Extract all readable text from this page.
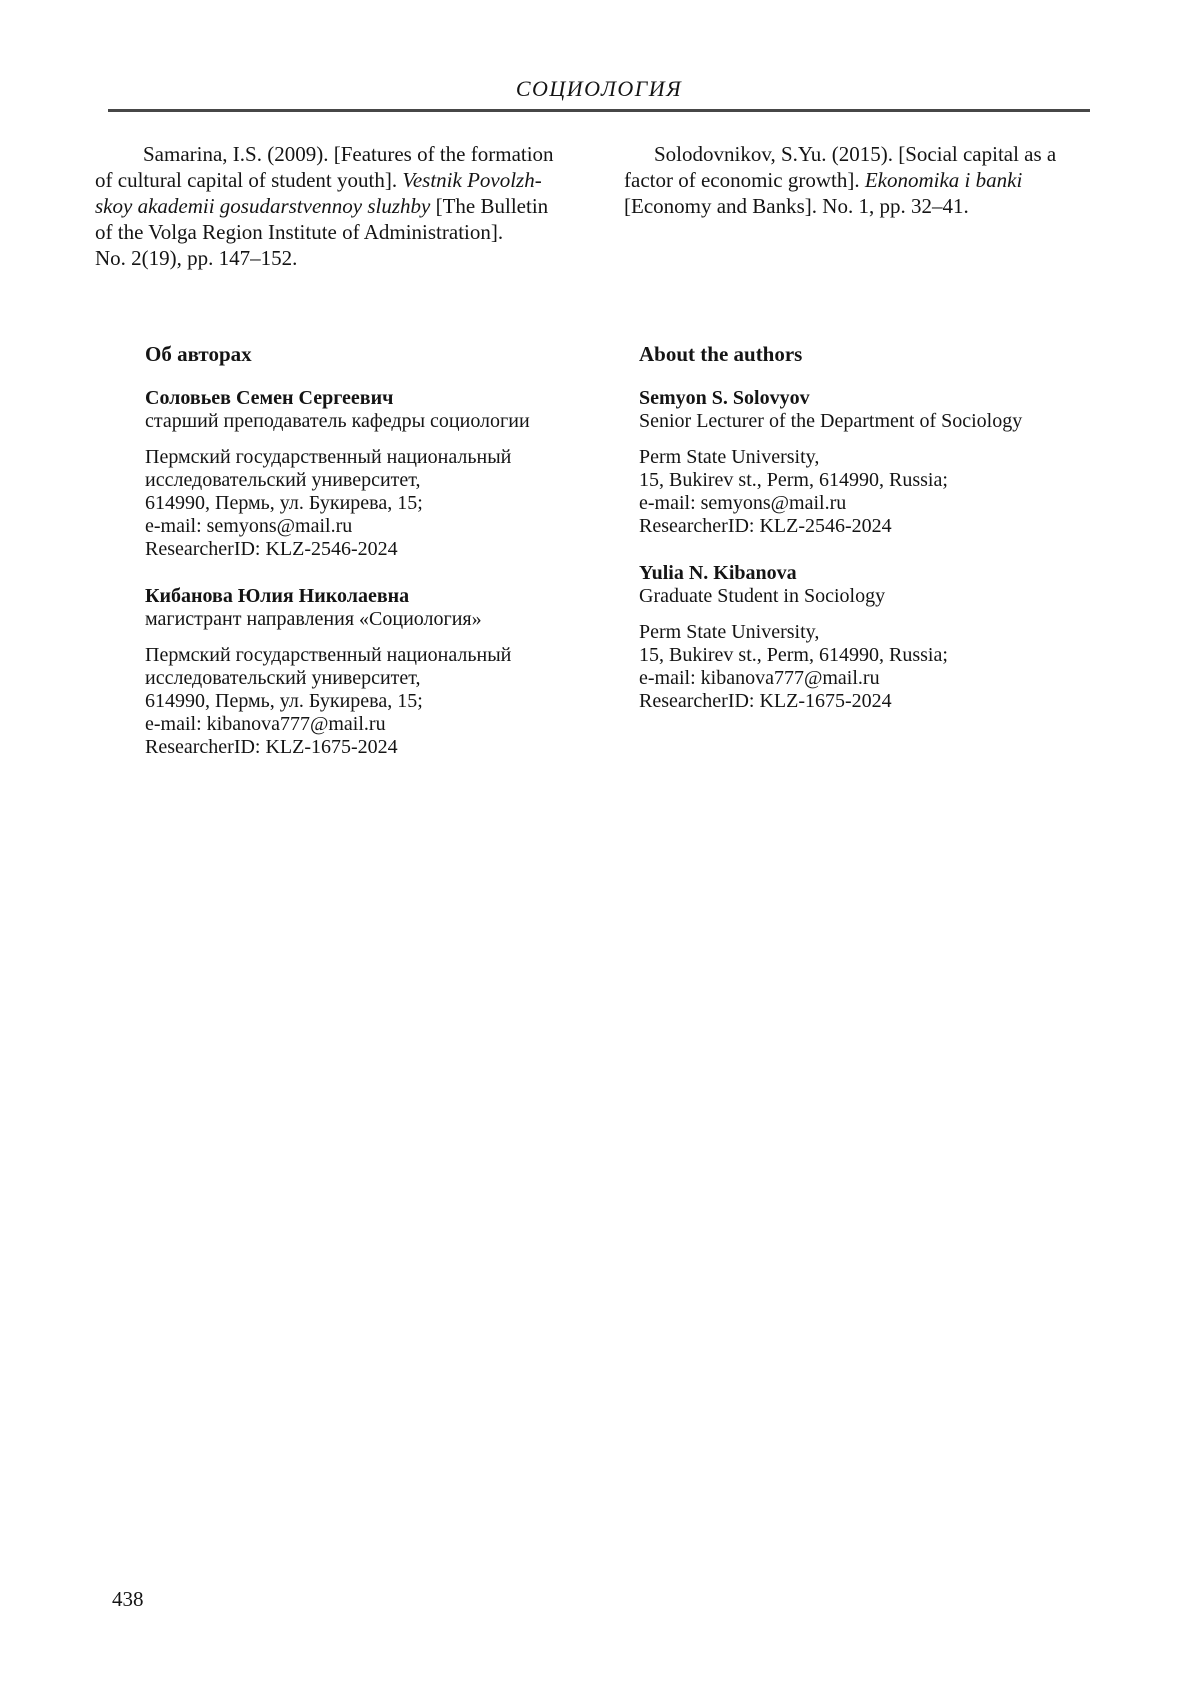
СОЦИОЛОГИЯ
Samarina, I.S. (2009). [Features of the formation
of cultural capital of student youth]. Vestnik Povolzh-
skoy akademii gosudarstvennoy sluzhby [The Bulletin
of the Volga Region Institute of Administration].
No. 2(19), pp. 147–152.
Solodovnikov, S.Yu. (2015). [Social capital as a
factor of economic growth]. Ekonomika i banki
[Economy and Banks]. No. 1, pp. 32–41.
Об авторах

Соловьев Семен Сергеевич
старший преподаватель кафедры социологии

Пермский государственный национальный
исследовательский университет,
614990, Пермь, ул. Букирева, 15;
e-mail: semyons@mail.ru
ResearcherID: KLZ-2546-2024

Кибанова Юлия Николаевна
магистрант направления «Социология»

Пермский государственный национальный
исследовательский университет,
614990, Пермь, ул. Букирева, 15;
e-mail: kibanova777@mail.ru
ResearcherID: KLZ-1675-2024

About the authors

Semyon S. Solovyov
Senior Lecturer of the Department of Sociology

Perm State University,
15, Bukirev st., Perm, 614990, Russia;
e-mail: semyons@mail.ru
ResearcherID: KLZ-2546-2024

Yulia N. Kibanova
Graduate Student in Sociology

Perm State University,
15, Bukirev st., Perm, 614990, Russia;
e-mail: kibanova777@mail.ru
ResearcherID: KLZ-1675-2024

438
